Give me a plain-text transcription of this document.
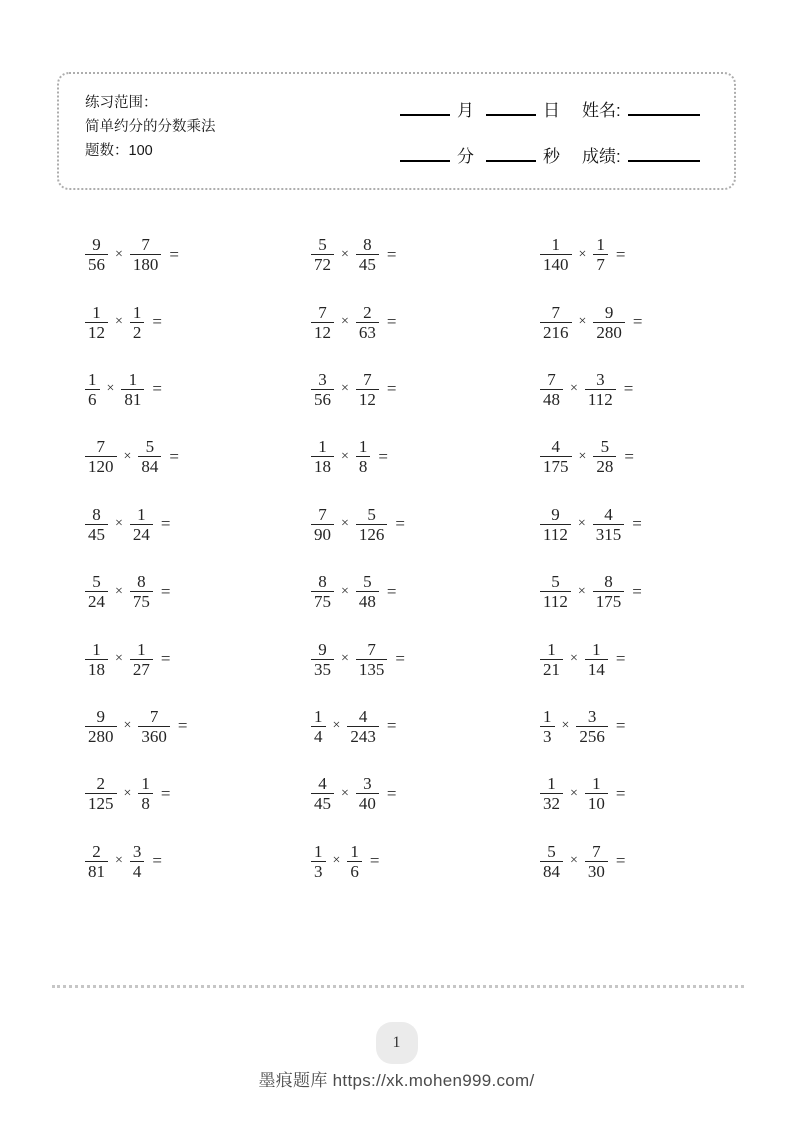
练习范围：
简单约分的分数乘法
题数：100
月	日 姓名:
分	秒 成绩:
$\frac{9}{56} \times \frac{7}{180}$ =	$\frac{5}{72} \times \frac{8}{45}$ =	$\frac{1}{140} \times \frac{1}{7}$ =
$\frac{1}{12} \times \frac{1}{2}$ =	$\frac{7}{12} \times \frac{2}{63}$ =	$\frac{7}{216} \times \frac{9}{280}$ =
$\frac{1}{6} \times \frac{1}{81}$ =	$\frac{3}{56} \times \frac{7}{12}$ =	$\frac{7}{48} \times \frac{3}{112}$ =
$\frac{7}{120} \times \frac{5}{84}$ =	$\frac{1}{18} \times \frac{1}{8}$ =	$\frac{4}{175} \times \frac{5}{28}$ =
$\frac{8}{45} \times \frac{1}{24}$ =	$\frac{7}{90} \times \frac{5}{126}$ =	$\frac{9}{112} \times \frac{4}{315}$ =
$\frac{5}{24} \times \frac{8}{75}$ =	$\frac{8}{75} \times \frac{5}{48}$ =	$\frac{5}{112} \times \frac{8}{175}$ =
$\frac{1}{18} \times \frac{1}{27}$ =	$\frac{9}{35} \times \frac{7}{135}$ =	$\frac{1}{21} \times \frac{1}{14}$ =
$\frac{9}{280} \times \frac{7}{360}$ =	$\frac{1}{4} \times \frac{4}{243}$ =	$\frac{1}{3} \times \frac{3}{256}$ =
$\frac{2}{125} \times \frac{1}{8}$ =	$\frac{4}{45} \times \frac{3}{40}$ =	$\frac{1}{32} \times \frac{1}{10}$ =
$\frac{2}{81} \times \frac{3}{4}$ =	$\frac{1}{3} \times \frac{1}{6}$ =	$\frac{5}{84} \times \frac{7}{30}$ =
1
墨痕题库 https://xk.mohen999.com/
